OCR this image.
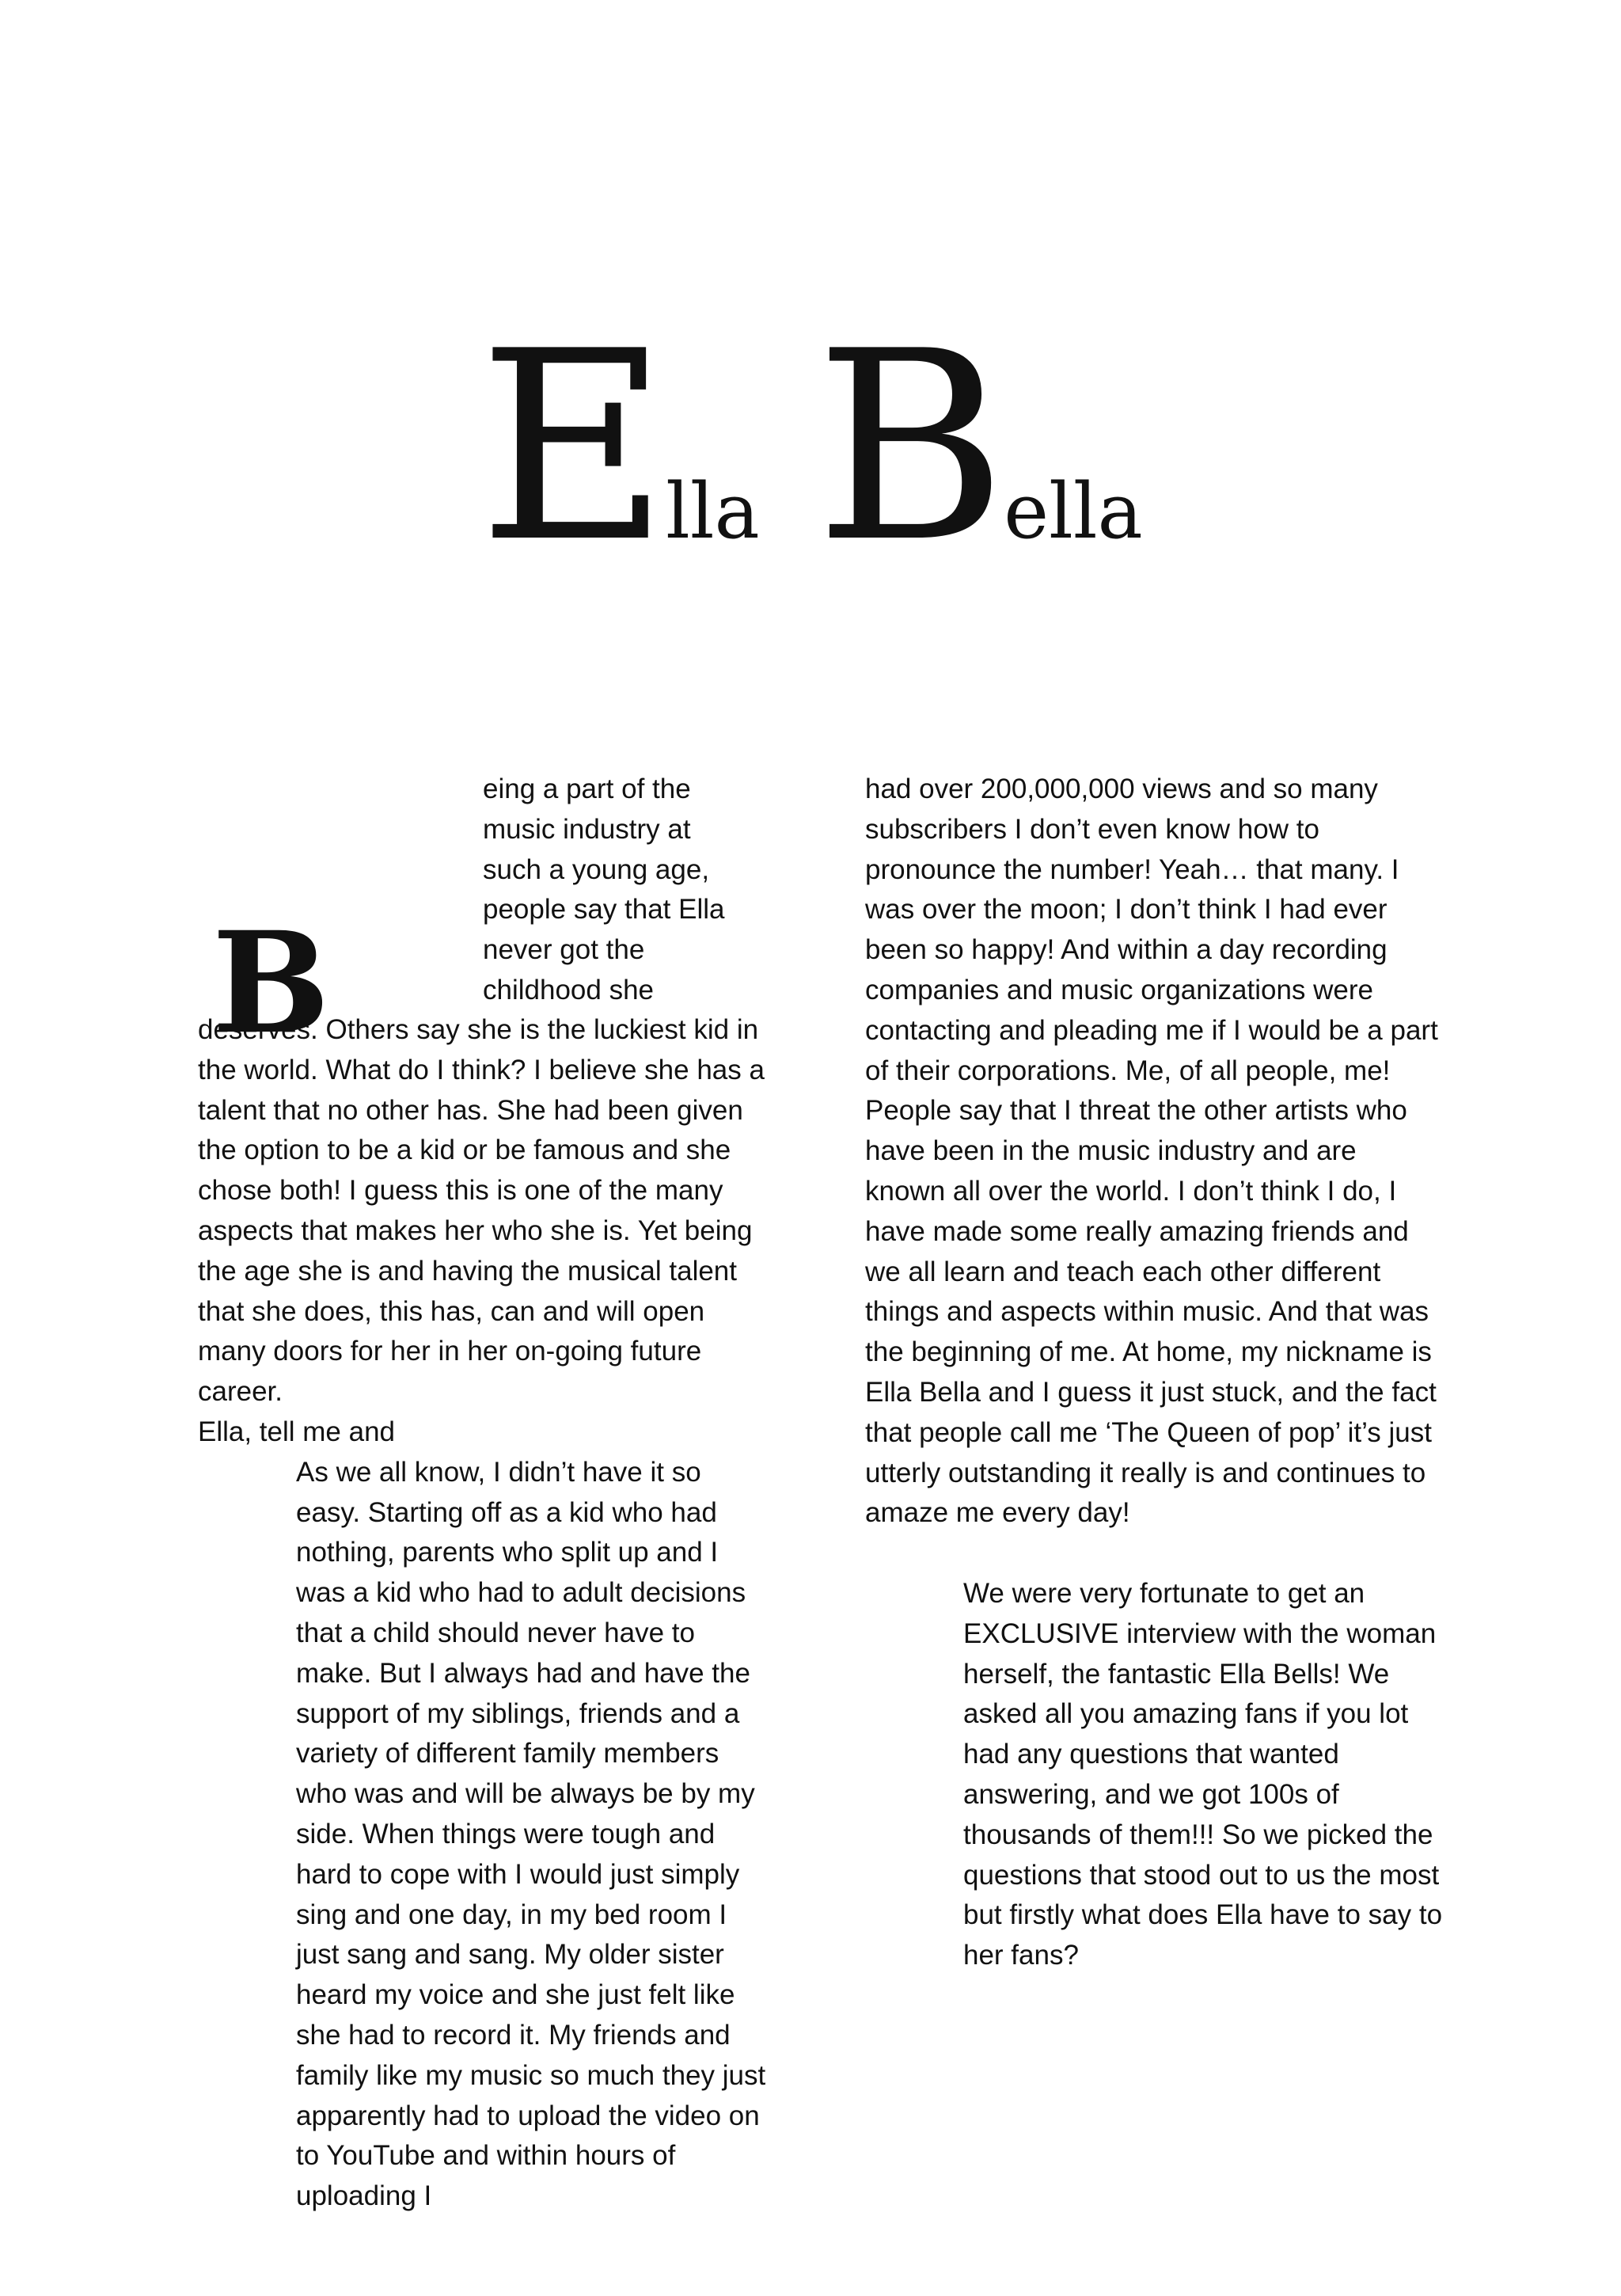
Ella Bella
B
eing a part of the
music industry at
such a young age,
people say that Ella
never got the
childhood she

deserves. Others say she is the luckiest kid in the world. What do I think? I believe she has a talent that no other has. She had been given the option to be a kid or be famous and she chose both! I guess this is one of the many aspects that makes her who she is. Yet being the age she is and having the musical talent that she does, this has, can and will open many doors for her in her on-going future career.

Ella, tell me and

As we all know, I didn’t have it so easy. Starting off as a kid who had nothing, parents who split up and I was a kid who had to adult decisions that a child should never have to make. But I always had and have the support of my siblings, friends and a variety of different family members who was and will be always be by my side. When things were tough and hard to cope with I would just simply sing and one day, in my bed room I just sang and sang. My older sister heard my voice and she just felt like she had to record it. My friends and family like my music so much they just apparently had to upload the video on to YouTube and within hours of uploading I

had over 200,000,000 views and so many subscribers I don’t even know how to pronounce the number! Yeah… that many. I was over the moon; I don’t think I had ever been so happy! And within a day recording companies and music organizations were contacting and pleading me if I would be a part of their corporations. Me, of all people, me! People say that I threat the other artists who have been in the music industry and are known all over the world. I don’t think I do, I have made some really amazing friends and we all learn and teach each other different things and aspects within music. And that was the beginning of me. At home, my nickname is Ella Bella and I guess it just stuck, and the fact that people call me ‘The Queen of pop’ it’s just utterly outstanding it really is and continues to amaze me every day!

We were very fortunate to get an EXCLUSIVE interview with the woman herself, the fantastic Ella Bells! We asked all you amazing fans if you lot had any questions that wanted answering, and we got 100s of thousands of them!!! So we picked the questions that stood out to us the most but firstly what does Ella have to say to her fans?
